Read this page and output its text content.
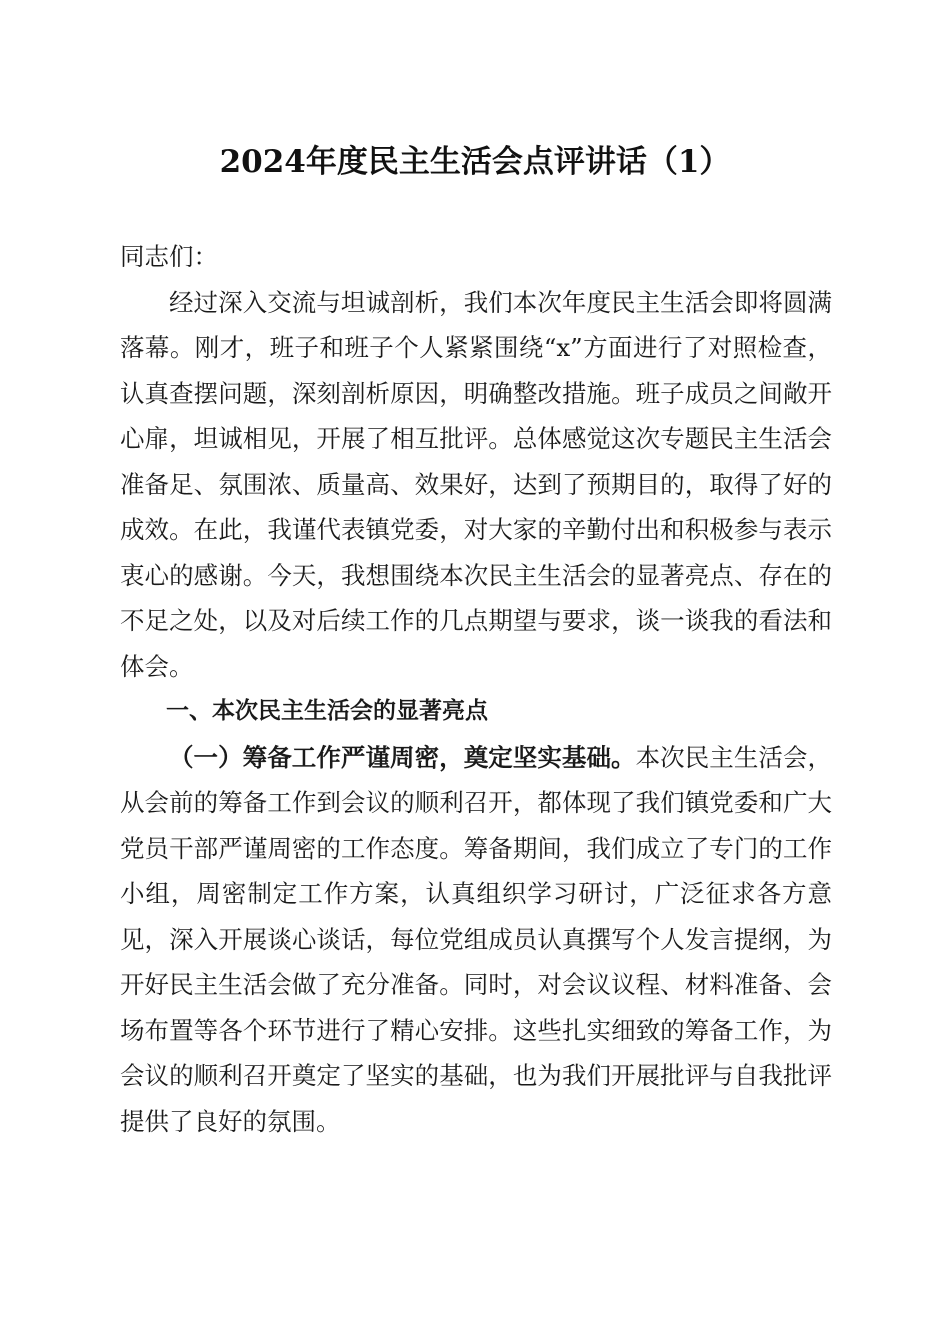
2024年度民主生活会点评讲话（1）

同志们：

经过深入交流与坦诚剖析，我们本次年度民主生活会即将圆满落幕。刚才，班子和班子个人紧紧围绕“x”方面进行了对照检查，认真查摆问题，深刻剖析原因，明确整改措施。班子成员之间敞开心扉，坦诚相见，开展了相互批评。总体感觉这次专题民主生活会准备足、氛围浓、质量高、效果好，达到了预期目的，取得了好的成效。在此，我谨代表镇党委，对大家的辛勤付出和积极参与表示衷心的感谢。今天，我想围绕本次民主生活会的显著亮点、存在的不足之处，以及对后续工作的几点期望与要求，谈一谈我的看法和体会。

一、本次民主生活会的显著亮点

（一）筹备工作严谨周密，奠定坚实基础。本次民主生活会，从会前的筹备工作到会议的顺利召开，都体现了我们镇党委和广大党员干部严谨周密的工作态度。筹备期间，我们成立了专门的工作小组，周密制定工作方案，认真组织学习研讨，广泛征求各方意见，深入开展谈心谈话，每位党组成员认真撰写个人发言提纲，为开好民主生活会做了充分准备。同时，对会议议程、材料准备、会场布置等各个环节进行了精心安排。这些扎实细致的筹备工作，为会议的顺利召开奠定了坚实的基础，也为我们开展批评与自我批评提供了良好的氛围。
